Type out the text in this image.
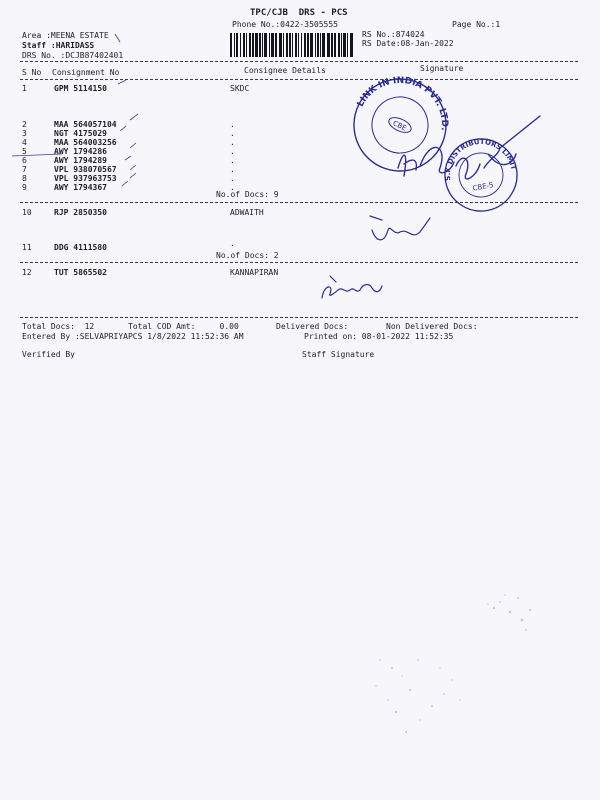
TPC/CJB  DRS - PCS
Phone No.:0422-3505555	Page No.:1
Area :MEENA ESTATE
Staff :HARIDASS
DRS No. :DCJB87402401
RS No.:874024
RS Date:08-Jan-2022
S No Consignment No	Consignee Details	Signature
1	GPM 5114150	SKDC
2	MAA 564057104	.
3	NGT 4175029	.
4	MAA 564003256	.
5	AWY 1794286	.
6	AWY 1794289	.
7	VPL 938070567	.
8	VPL 937963753	.
9	AWY 1794367	.
No.of Docs: 9
10	RJP 2850350	ADWAITH
11	DDG 4111580	.
No.of Docs: 2
12	TUT 5865502	KANNAPIRAN
Total Docs:  12	Total COD Amt:     0.00	Delivered Docs:	Non Delivered Docs:
Entered By :SELVAPRIYAPCS 1/8/2022 11:52:36 AM	Printed on: 08-01-2022 11:52:35
Verified By	Staff Signature
LINK IN INDIA PVT. LTD.
CBE
S.K DISTRIBUTORS LIMITED
CBE-5
